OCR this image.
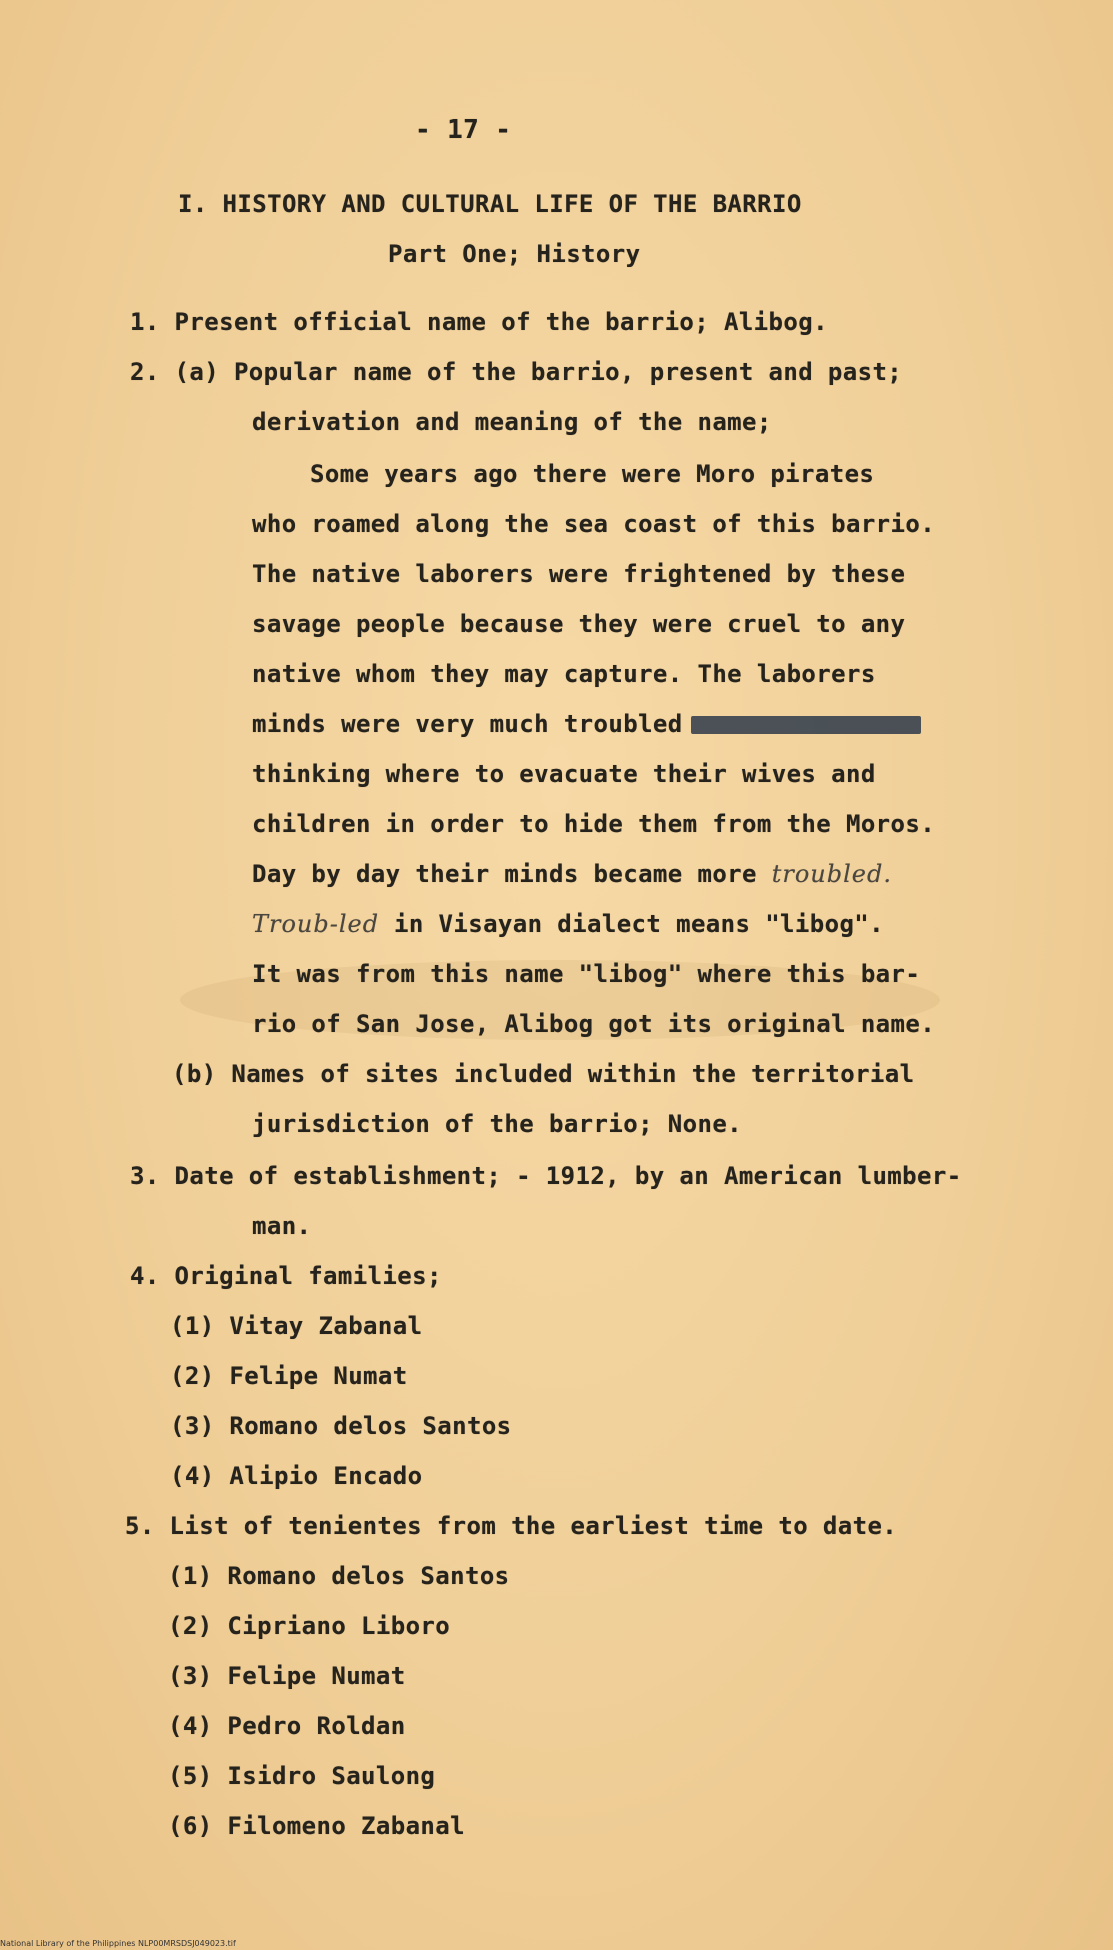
- 17 -
I. HISTORY AND CULTURAL LIFE OF THE BARRIO
Part One; History
1. Present official name of the barrio; Alibog.
2. (a) Popular name of the barrio, present and past;
derivation and meaning of the name;
Some years ago there were Moro pirates
who roamed along the sea coast of this barrio.
The native laborers were frightened by these
savage people because they were cruel to any
native whom they may capture. The laborers
minds were very much troubled
thinking where to evacuate their wives and
children in order to hide them from the Moros.
Day by day their minds became more troubled.
Troub-led in Visayan dialect means "libog".
It was from this name "libog" where this bar-
rio of San Jose, Alibog got its original name.
(b) Names of sites included within the territorial
jurisdiction of the barrio; None.
3. Date of establishment; - 1912, by an American lumber-
man.
4. Original families;
(1) Vitay Zabanal
(2) Felipe Numat
(3) Romano delos Santos
(4) Alipio Encado
5. List of tenientes from the earliest time to date.
(1) Romano delos Santos
(2) Cipriano Liboro
(3) Felipe Numat
(4) Pedro Roldan
(5) Isidro Saulong
(6) Filomeno Zabanal
National Library of the Philippines NLP00MRSDSJ049023.tif
